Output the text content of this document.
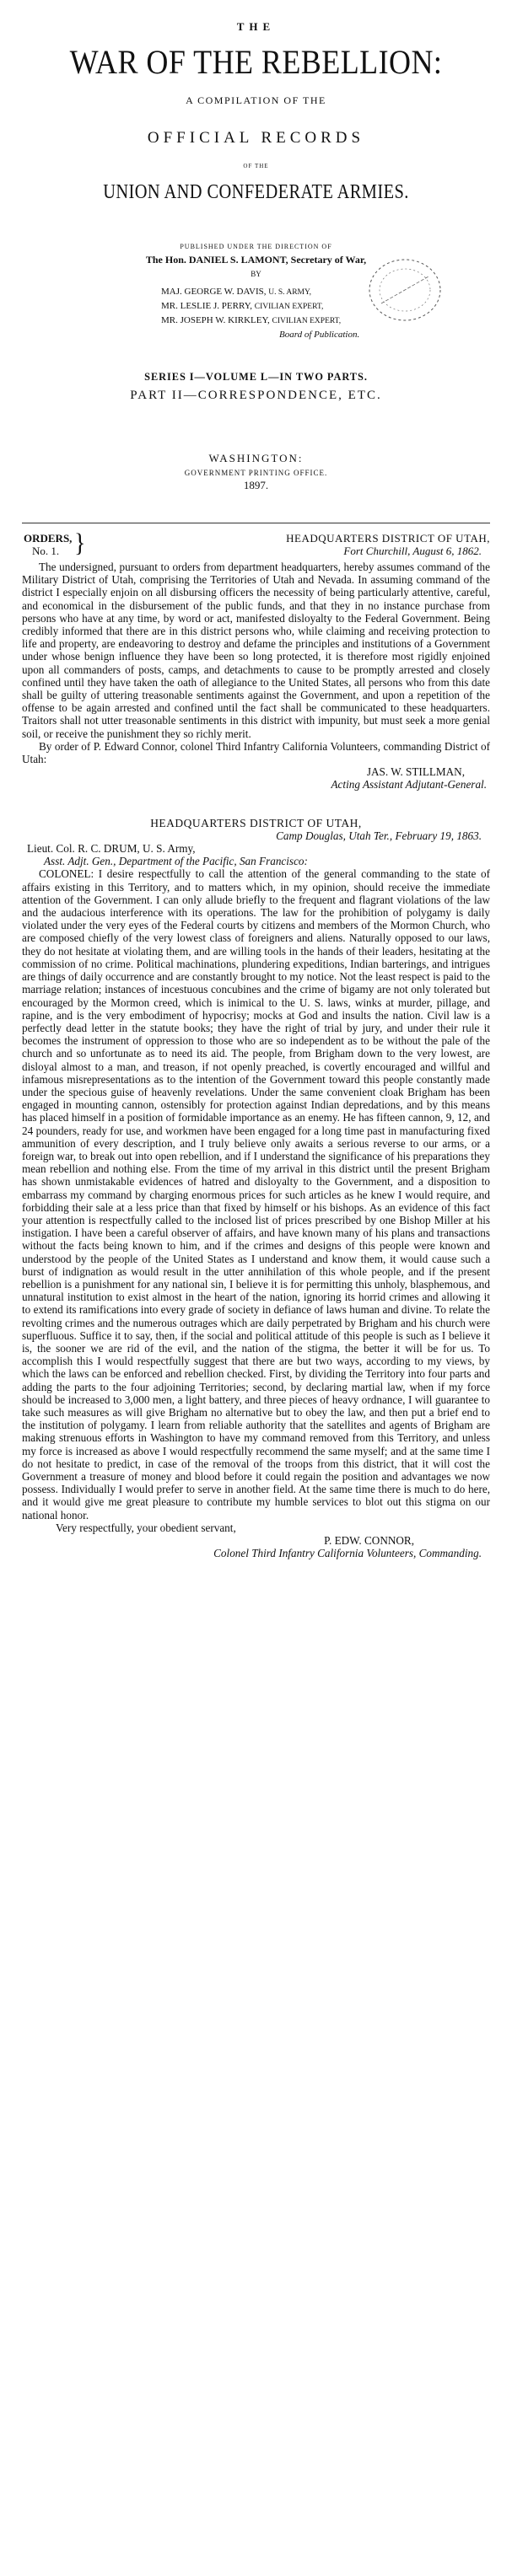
THE
WAR OF THE REBELLION:
A COMPILATION OF THE
OFFICIAL RECORDS
OF THE
UNION AND CONFEDERATE ARMIES.
PUBLISHED UNDER THE DIRECTION OF
The Hon. DANIEL S. LAMONT, Secretary of War,
BY
MAJ. GEORGE W. DAVIS, U. S. ARMY,
MR. LESLIE J. PERRY, CIVILIAN EXPERT,
MR. JOSEPH W. KIRKLEY, CIVILIAN EXPERT,
Board of Publication.
SERIES I—VOLUME L—IN TWO PARTS.
PART II—CORRESPONDENCE, ETC.
WASHINGTON:
GOVERNMENT PRINTING OFFICE.
1897.
ORDERS,
No. 1. }	HEADQUARTERS DISTRICT OF UTAH,
Fort Churchill, August 6, 1862.

The undersigned, pursuant to orders from department headquarters, hereby assumes command of the Military District of Utah, comprising the Territories of Utah and Nevada. In assuming command of the district I especially enjoin on all disbursing officers the necessity of being particularly attentive, careful, and economical in the disbursement of the public funds, and that they in no instance purchase from persons who have at any time, by word or act, manifested disloyalty to the Federal Government. Being credibly informed that there are in this district persons who, while claiming and receiving protection to life and property, are endeavoring to destroy and defame the principles and institutions of a Government under whose benign influence they have been so long protected, it is therefore most rigidly enjoined upon all commanders of posts, camps, and detachments to cause to be promptly arrested and closely confined until they have taken the oath of allegiance to the United States, all persons who from this date shall be guilty of uttering treasonable sentiments against the Government, and upon a repetition of the offense to be again arrested and confined until the fact shall be communicated to these headquarters. Traitors shall not utter treasonable sentiments in this district with impunity, but must seek a more genial soil, or receive the punishment they so richly merit.

By order of P. Edward Connor, colonel Third Infantry California Volunteers, commanding District of Utah:

JAS. W. STILLMAN,
Acting Assistant Adjutant-General.
HEADQUARTERS DISTRICT OF UTAH,
Camp Douglas, Utah Ter., February 19, 1863.
Lieut. Col. R. C. DRUM, U. S. Army,
Asst. Adjt. Gen., Department of the Pacific, San Francisco:

COLONEL: I desire respectfully to call the attention of the general commanding to the state of affairs existing in this Territory, and to matters which, in my opinion, should receive the immediate attention of the Government. I can only allude briefly to the frequent and flagrant violations of the law and the audacious interference with its operations. The law for the prohibition of polygamy is daily violated under the very eyes of the Federal courts by citizens and members of the Mormon Church, who are composed chiefly of the very lowest class of foreigners and aliens. Naturally opposed to our laws, they do not hesitate at violating them, and are willing tools in the hands of their leaders, hesitating at the commission of no crime. Political machinations, plundering expeditions, Indian barterings, and intrigues are things of daily occurrence and are constantly brought to my notice. Not the least respect is paid to the marriage relation; instances of incestuous concubines and the crime of bigamy are not only tolerated but encouraged by the Mormon creed, which is inimical to the U. S. laws, winks at murder, pillage, and rapine, and is the very embodiment of hypocrisy; mocks at God and insults the nation. Civil law is a perfectly dead letter in the statute books; they have the right of trial by jury, and under their rule it becomes the instrument of oppression to those who are so independent as to be without the pale of the church and so unfortunate as to need its aid. The people, from Brigham down to the very lowest, are disloyal almost to a man, and treason, if not openly preached, is covertly encouraged and willful and infamous misrepresentations as to the intention of the Government toward this people constantly made under the specious guise of heavenly revelations. Under the same convenient cloak Brigham has been engaged in mounting cannon, ostensibly for protection against Indian depredations, and by this means has placed himself in a position of formidable importance as an enemy. He has fifteen cannon, 9, 12, and 24 pounders, ready for use, and workmen have been engaged for a long time past in manufacturing fixed ammunition of every description, and I truly believe only awaits a serious reverse to our arms, or a foreign war, to break out into open rebellion, and if I understand the significance of his preparations they mean rebellion and nothing else. From the time of my arrival in this district until the present Brigham has shown unmistakable evidences of hatred and disloyalty to the Government, and a disposition to embarrass my command by charging enormous prices for such articles as he knew I would require, and forbidding their sale at a less price than that fixed by himself or his bishops. As an evidence of this fact your attention is respectfully called to the inclosed list of prices prescribed by one Bishop Miller at his instigation. I have been a careful observer of affairs, and have known many of his plans and transactions without the facts being known to him, and if the crimes and designs of this people were known and understood by the people of the United States as I understand and know them, it would cause such a burst of indignation as would result in the utter annihilation of this whole people, and if the present rebellion is a punishment for any national sin, I believe it is for permitting this unholy, blasphemous, and unnatural institution to exist almost in the heart of the nation, ignoring its horrid crimes and allowing it to extend its ramifications into every grade of society in defiance of laws human and divine. To relate the revolting crimes and the numerous outrages which are daily perpetrated by Brigham and his church were superfluous. Suffice it to say, then, if the social and political attitude of this people is such as I believe it is, the sooner we are rid of the evil, and the nation of the stigma, the better it will be for us. To accomplish this I would respectfully suggest that there are but two ways, according to my views, by which the laws can be enforced and rebellion checked. First, by dividing the Territory into four parts and adding the parts to the four adjoining Territories; second, by declaring martial law, when if my force should be increased to 3,000 men, a light battery, and three pieces of heavy ordnance, I will guarantee to take such measures as will give Brigham no alternative but to obey the law, and then put a brief end to the institution of polygamy. I learn from reliable authority that the satellites and agents of Brigham are making strenuous efforts in Washington to have my command removed from this Territory, and unless my force is increased as above I would respectfully recommend the same myself; and at the same time I do not hesitate to predict, in case of the removal of the troops from this district, that it will cost the Government a treasure of money and blood before it could regain the position and advantages we now possess. Individually I would prefer to serve in another field. At the same time there is much to do here, and it would give me great pleasure to contribute my humble services to blot out this stigma on our national honor.

Very respectfully, your obedient servant,
P. EDW. CONNOR,
Colonel Third Infantry California Volunteers, Commanding.
